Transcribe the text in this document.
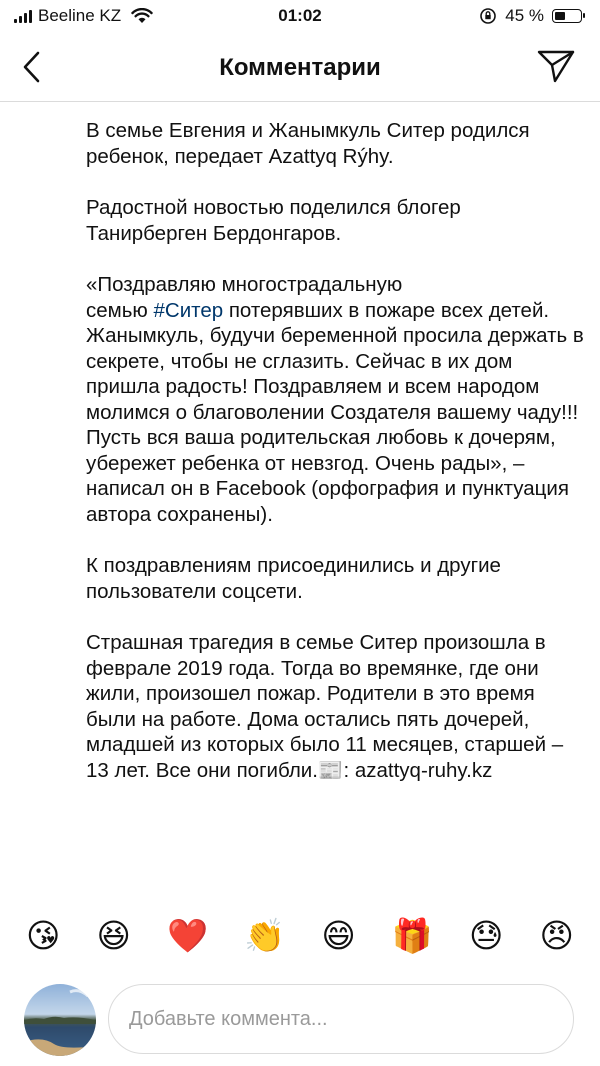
Beeline KZ	01:02	45 %
Комментарии

В семье Евгения и Жанымкуль Ситер родился ребенок, передает Azattyq Rýhy.

Радостной новостью поделился блогер Танирберген Бердонгаров.

«Поздравляю многострадальную
семью #Ситер потерявших в пожаре всех детей. Жанымкуль, будучи беременной просила держать в секрете, чтобы не сглазить. Сейчас в их дом пришла радость! Поздравляем и всем народом молимся о благоволении Создателя вашему чаду!!! Пусть вся ваша родительская любовь к дочерям, убережет ребенка от невзгод. Очень рады», – написал он в Facebook (орфография и пунктуация автора сохранены).

К поздравлениям присоединились и другие пользователи соцсети.

Страшная трагедия в семье Ситер произошла в феврале 2019 года. Тогда во времянке, где они жили, произошел пожар. Родители в это время были на работе. Дома остались пять дочерей, младшей из которых было 11 месяцев, старшей – 13 лет. Все они погибли.📰: azattyq-ruhy.kz

😘 😆 ❤️ 👏 😄 🎁 😓 😠
Добавьте коммента...
